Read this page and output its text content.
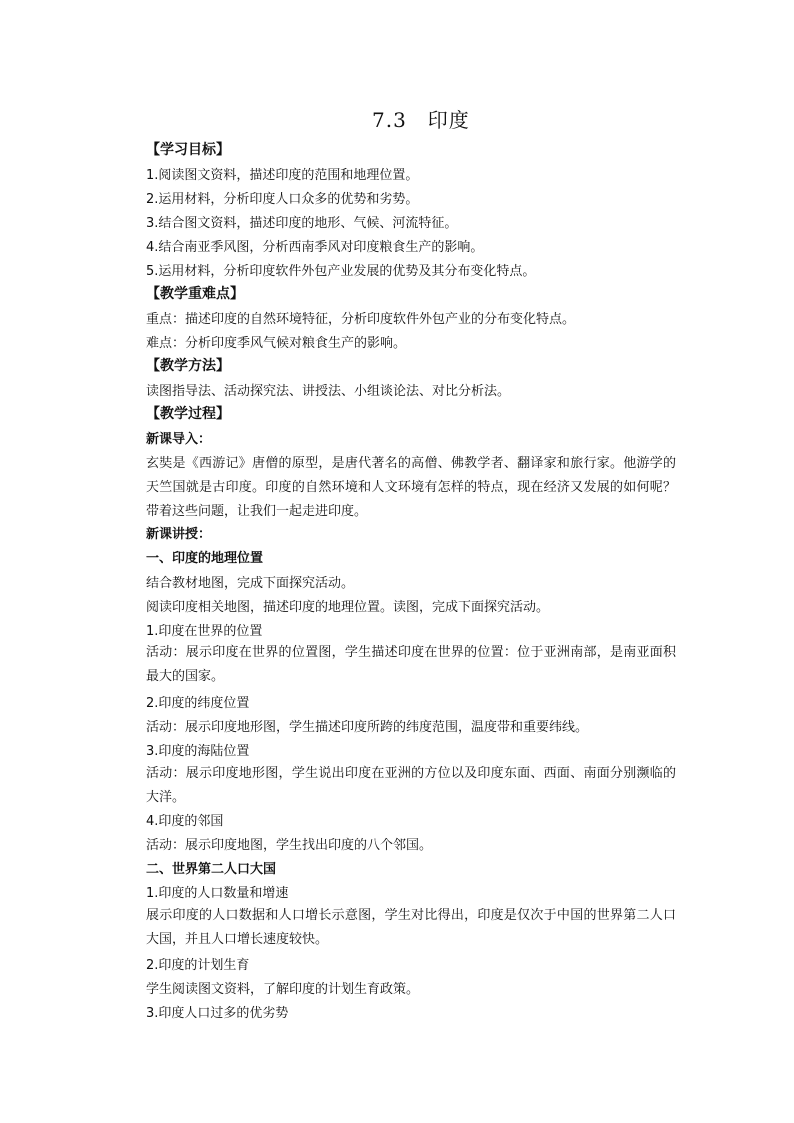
7.3　印度
【学习目标】
1.阅读图文资料，描述印度的范围和地理位置。
2.运用材料，分析印度人口众多的优势和劣势。
3.结合图文资料，描述印度的地形、气候、河流特征。
4.结合南亚季风图，分析西南季风对印度粮食生产的影响。
5.运用材料，分析印度软件外包产业发展的优势及其分布变化特点。
【教学重难点】
重点：描述印度的自然环境特征，分析印度软件外包产业的分布变化特点。
难点：分析印度季风气候对粮食生产的影响。
【教学方法】
读图指导法、活动探究法、讲授法、小组谈论法、对比分析法。
【教学过程】
新课导入：
玄奘是《西游记》唐僧的原型，是唐代著名的高僧、佛教学者、翻译家和旅行家。他游学的天竺国就是古印度。印度的自然环境和人文环境有怎样的特点，现在经济又发展的如何呢？带着这些问题，让我们一起走进印度。
新课讲授：
一、印度的地理位置
结合教材地图，完成下面探究活动。
阅读印度相关地图，描述印度的地理位置。读图，完成下面探究活动。
1.印度在世界的位置
活动：展示印度在世界的位置图，学生描述印度在世界的位置：位于亚洲南部，是南亚面积最大的国家。
2.印度的纬度位置
活动：展示印度地形图，学生描述印度所跨的纬度范围，温度带和重要纬线。
3.印度的海陆位置
活动：展示印度地形图，学生说出印度在亚洲的方位以及印度东面、西面、南面分别濒临的大洋。
4.印度的邻国
活动：展示印度地图，学生找出印度的八个邻国。
二、世界第二人口大国
1.印度的人口数量和增速
展示印度的人口数据和人口增长示意图，学生对比得出，印度是仅次于中国的世界第二人口大国，并且人口增长速度较快。
2.印度的计划生育
学生阅读图文资料，了解印度的计划生育政策。
3.印度人口过多的优劣势
